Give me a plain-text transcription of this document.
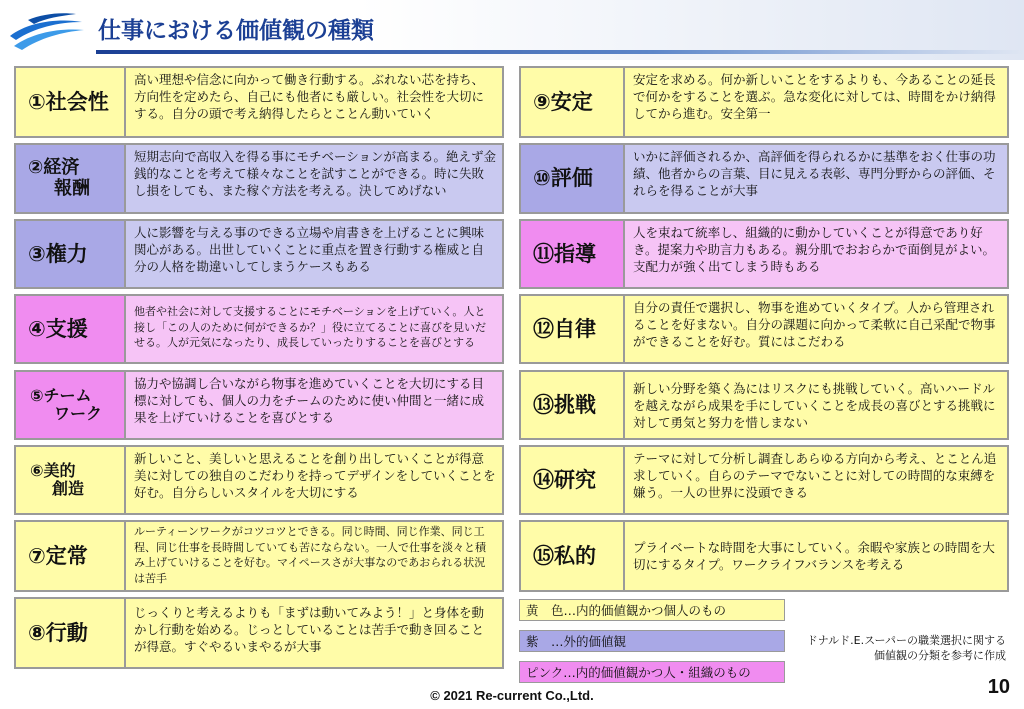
仕事における価値観の種類
①社会性
高い理想や信念に向かって働き行動する。ぶれない芯を持ち、方向性を定めたら、自己にも他者にも厳しい。社会性を大切にする。自分の頭で考え納得したらとことん動いていく
②経済
報酬
短期志向で高収入を得る事にモチベーションが高まる。絶えず金銭的なことを考えて様々なことを試すことができる。時に失敗し損をしても、また稼ぐ方法を考える。決してめげない
③権力
人に影響を与える事のできる立場や肩書きを上げることに興味関心がある。出世していくことに重点を置き行動する権威と自分の人格を勘違いしてしまうケースもある
④支援
他者や社会に対して支援することにモチベーションを上げていく。人と接し「この人のために何ができるか？」役に立てることに喜びを見いだせる。人が元気になったり、成長していったりすることを喜びとする
⑤チーム
ワーク
協力や協調し合いながら物事を進めていくことを大切にする目標に対しても、個人の力をチームのために使い仲間と一緒に成果を上げていけることを喜びとする
⑥美的
創造
新しいこと、美しいと思えることを創り出していくことが得意美に対しての独自のこだわりを持ってデザインをしていくことを好む。自分らしいスタイルを大切にする
⑦定常
ルーティーンワークがコツコツとできる。同じ時間、同じ作業、同じ工程、同じ仕事を長時間していても苦にならない。一人で仕事を淡々と積み上げていけることを好む。マイペースさが大事なのであおられる状況は苦手
⑧行動
じっくりと考えるよりも「まずは動いてみよう！」と身体を動かし行動を始める。じっとしていることは苦手で動き回ることが得意。すぐやるいまやるが大事
⑨安定
安定を求める。何か新しいことをするよりも、今あることの延長で何かをすることを選ぶ。急な変化に対しては、時間をかけ納得してから進む。安全第一
⑩評価
いかに評価されるか、高評価を得られるかに基準をおく仕事の功績、他者からの言葉、目に見える表彰、専門分野からの評価、それらを得ることが大事
⑪指導
人を束ねて統率し、組織的に動かしていくことが得意であり好き。提案力や助言力もある。親分肌でおおらかで面倒見がよい。支配力が強く出てしまう時もある
⑫自律
自分の責任で選択し、物事を進めていくタイプ。人から管理されることを好まない。自分の課題に向かって柔軟に自己采配で物事ができることを好む。質にはこだわる
⑬挑戦
新しい分野を築く為にはリスクにも挑戦していく。高いハードルを越えながら成果を手にしていくことを成長の喜びとする挑戦に対して勇気と努力を惜しまない
⑭研究
テーマに対して分析し調査しあらゆる方向から考え、とことん追求していく。自らのテーマでないことに対しての時間的な束縛を嫌う。一人の世界に没頭できる
⑮私的	プライベートな時間を大事にしていく。余暇や家族との時間を大切にするタイプ。ワークライフバランスを考える
黄　色…内的価値観かつ個人のもの
紫　…外的価値観
ピンク…内的価値観かつ人・組織のもの
ドナルド.E.スーパーの職業選択に関する
価値観の分類を参考に作成
© 2021 Re-current Co.,Ltd.	10
